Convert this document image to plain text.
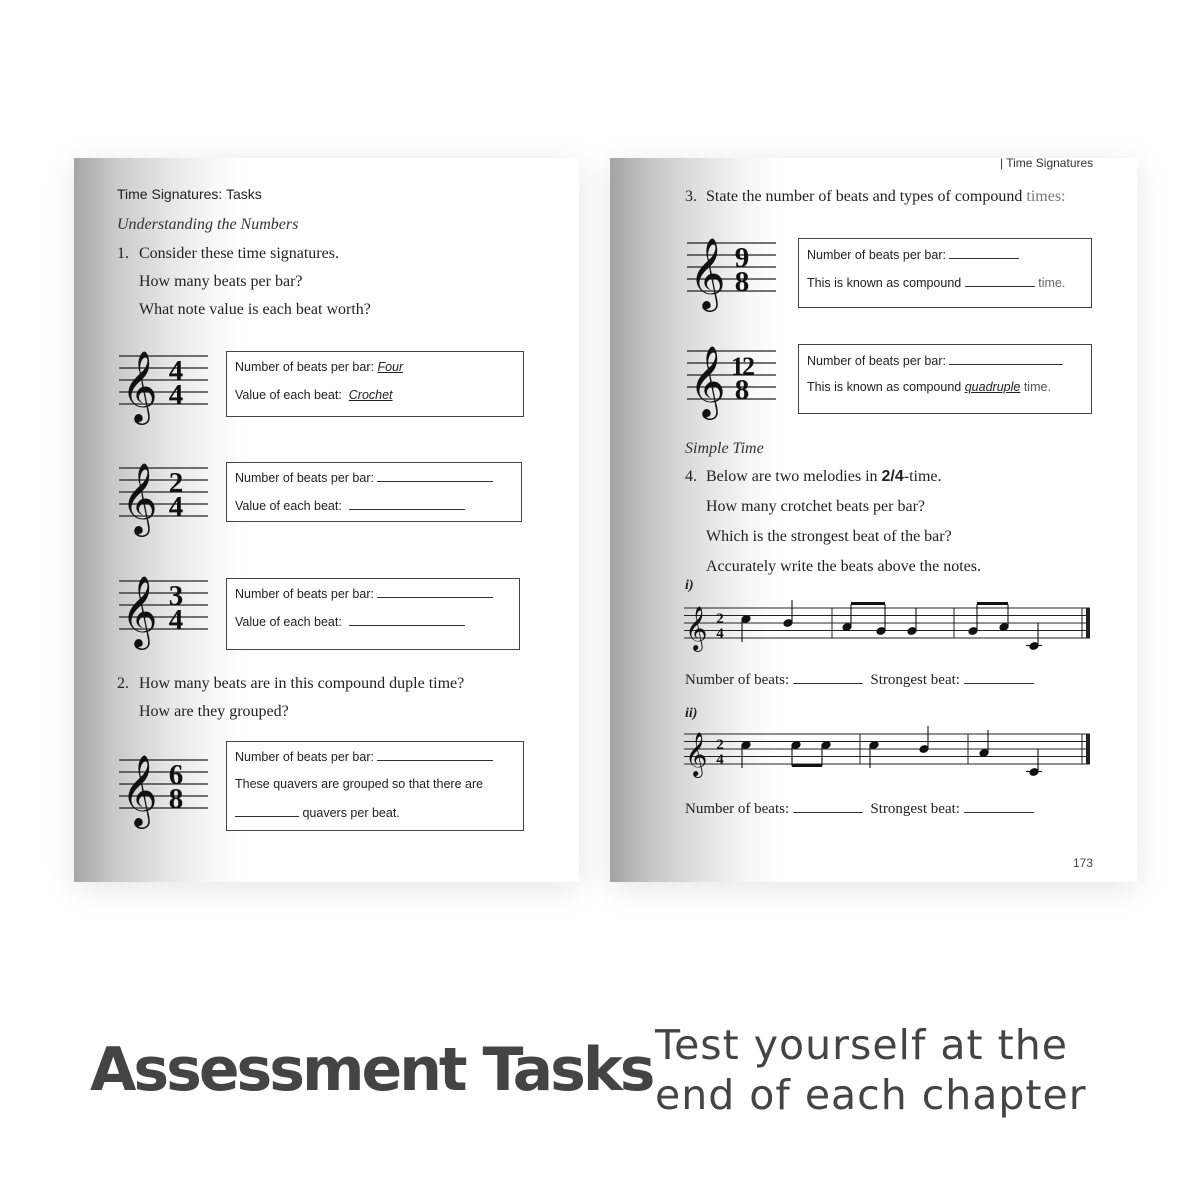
Time Signatures: Tasks
Understanding the Numbers
1. Consider these time signatures.
How many beats per bar?
What note value is each beat worth?
𝄞 4
4
Number of beats per bar: Four
Value of each beat: Crochet
𝄞 2
4
Number of beats per bar:
Value of each beat:
𝄞 3
4
Number of beats per bar:
Value of each beat:
2. How many beats are in this compound duple time?
How are they grouped?
𝄞 6
8
Number of beats per bar:
These quavers are grouped so that there are
quavers per beat.
| Time Signatures
3. State the number of beats and types of compound times:
𝄞 9
8
Number of beats per bar:
This is known as compound	time.
𝄞 12
8
Number of beats per bar:
This is known as compound quadruple time.
Simple Time
4. Below are two melodies in 2/4-time.
How many crotchet beats per bar?
Which is the strongest beat of the bar?
Accurately write the beats above the notes.
i)
𝄞 2
4
Number of beats:	Strongest beat:
ii)
𝄞 2
4
Number of beats:	Strongest beat:
173
Assessment Tasks Test yourself at the
end of each chapter
